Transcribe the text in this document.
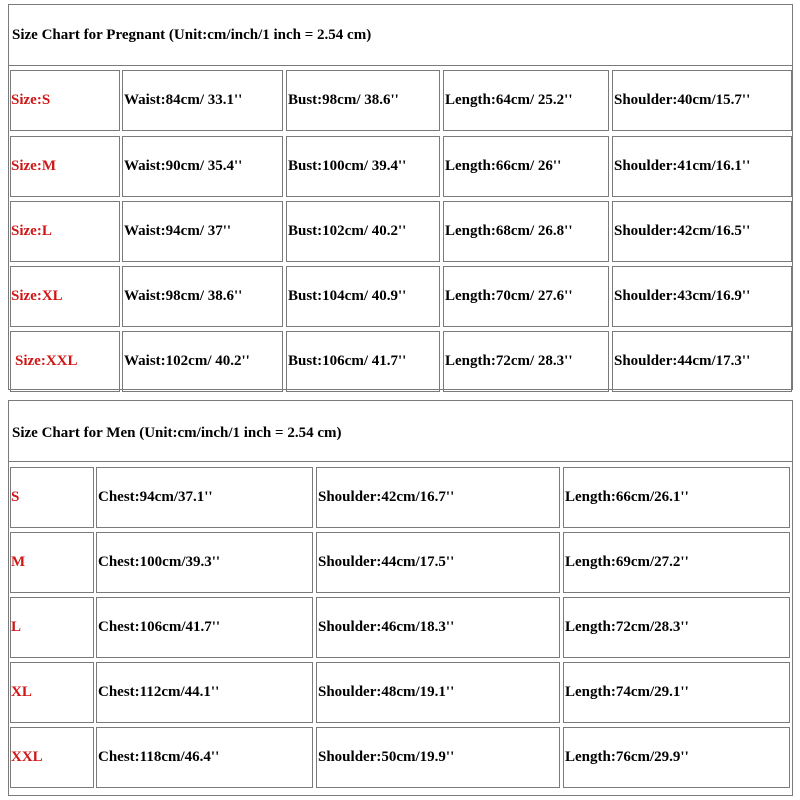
Size Chart for Pregnant (Unit:cm/inch/1 inch = 2.54 cm)
Size:S	Waist:84cm/ 33.1''	Bust:98cm/ 38.6''	Length:64cm/ 25.2''	Shoulder:40cm/15.7''
Size:M	Waist:90cm/ 35.4''	Bust:100cm/ 39.4''	Length:66cm/ 26''	Shoulder:41cm/16.1''
Size:L	Waist:94cm/ 37''	Bust:102cm/ 40.2''	Length:68cm/ 26.8''	Shoulder:42cm/16.5''
Size:XL	Waist:98cm/ 38.6''	Bust:104cm/ 40.9''	Length:70cm/ 27.6''	Shoulder:43cm/16.9''
Size:XXL	Waist:102cm/ 40.2''	Bust:106cm/ 41.7''	Length:72cm/ 28.3''	Shoulder:44cm/17.3''
Size Chart for Men (Unit:cm/inch/1 inch = 2.54 cm)
S	Chest:94cm/37.1''	Shoulder:42cm/16.7''	Length:66cm/26.1''
M	Chest:100cm/39.3''	Shoulder:44cm/17.5''	Length:69cm/27.2''
L	Chest:106cm/41.7''	Shoulder:46cm/18.3''	Length:72cm/28.3''
XL	Chest:112cm/44.1''	Shoulder:48cm/19.1''	Length:74cm/29.1''
XXL	Chest:118cm/46.4''	Shoulder:50cm/19.9''	Length:76cm/29.9''
